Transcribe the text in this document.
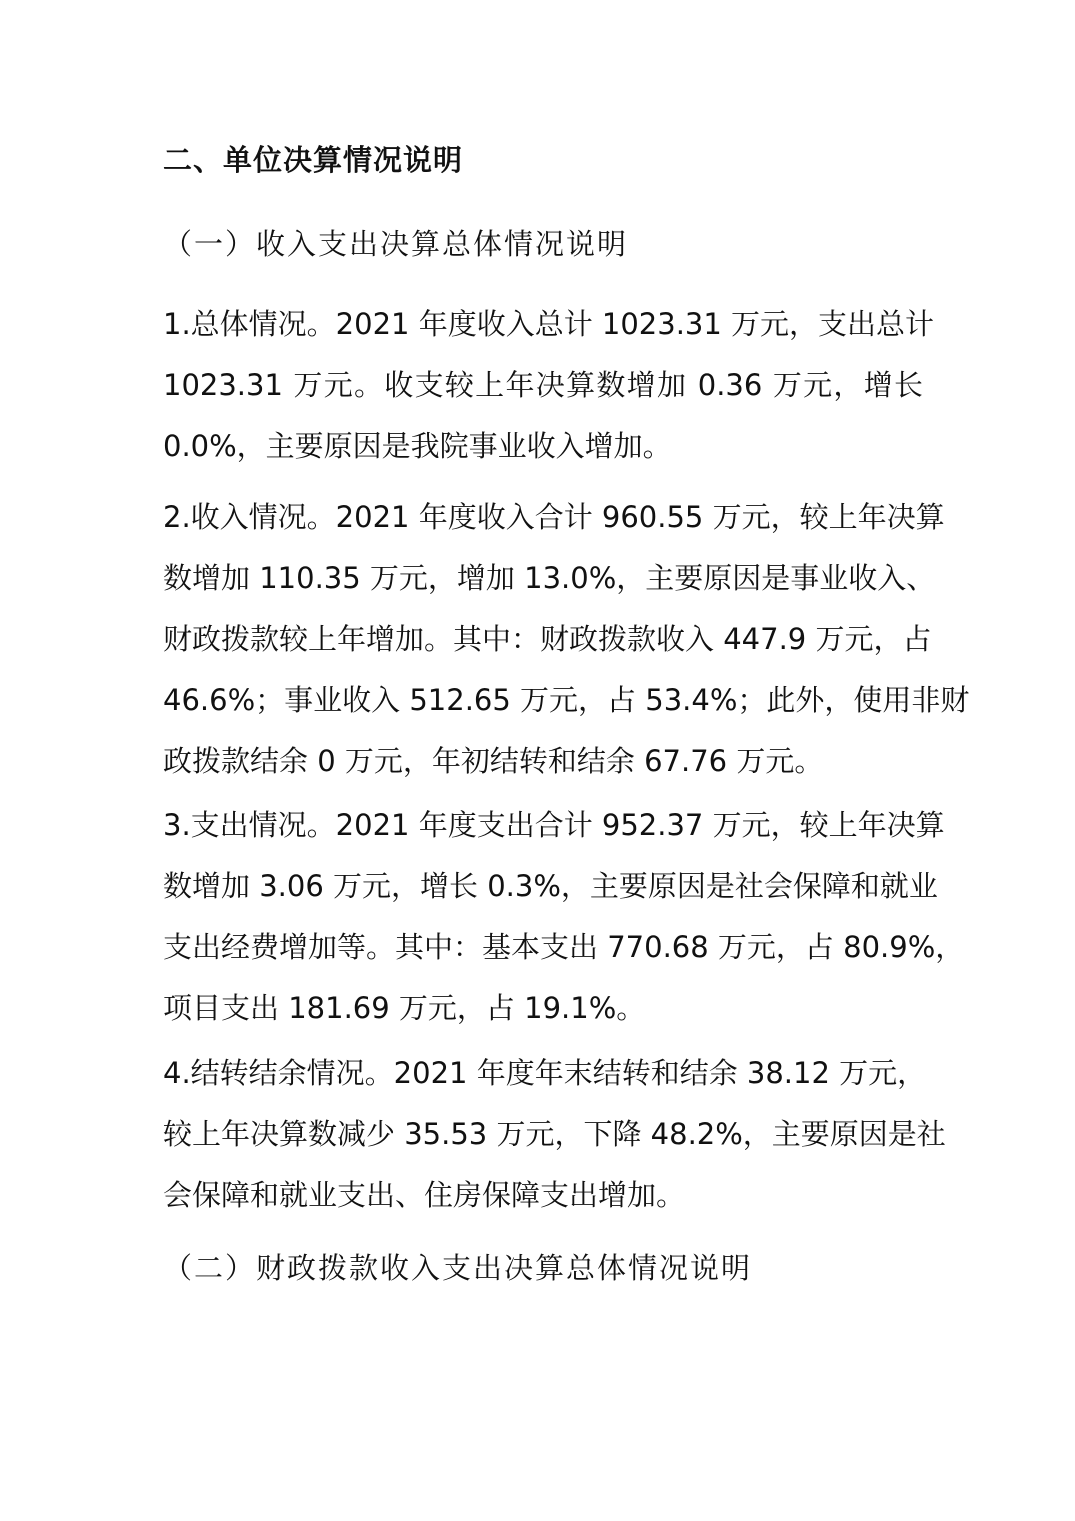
二、单位决算情况说明
（一）收入支出决算总体情况说明

1.总体情况。2021 年度收入总计 1023.31 万元，支出总计
1023.31 万元。收支较上年决算数增加 0.36 万元，增长
0.0%，主要原因是我院事业收入增加。

2.收入情况。2021 年度收入合计 960.55 万元，较上年决算
数增加 110.35 万元，增加 13.0%，主要原因是事业收入、
财政拨款较上年增加。其中：财政拨款收入 447.9 万元，占
46.6%；事业收入 512.65 万元，占 53.4%；此外，使用非财
政拨款结余 0 万元，年初结转和结余 67.76 万元。

3.支出情况。2021 年度支出合计 952.37 万元，较上年决算
数增加 3.06 万元，增长 0.3%，主要原因是社会保障和就业
支出经费增加等。其中：基本支出 770.68 万元，占 80.9%，
项目支出 181.69 万元，占 19.1%。

4.结转结余情况。2021 年度年末结转和结余 38.12 万元，
较上年决算数减少 35.53 万元，下降 48.2%，主要原因是社
会保障和就业支出、住房保障支出增加。

（二）财政拨款收入支出决算总体情况说明
